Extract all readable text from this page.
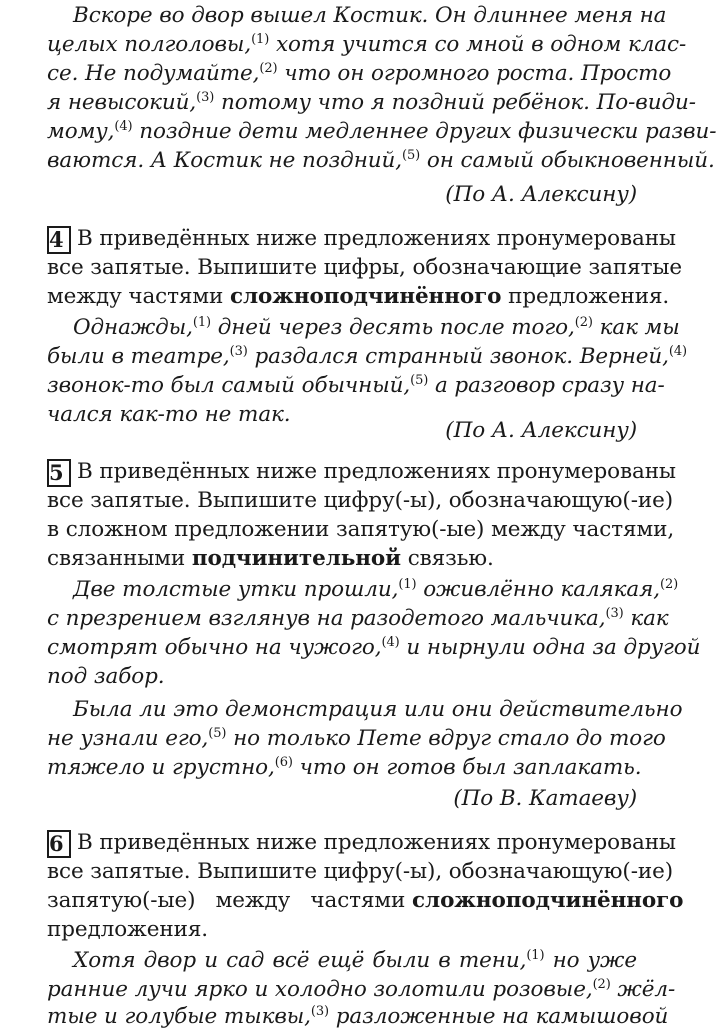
Вскоре во двор вышел Костик. Он длиннее меня на
целых полголовы,$^{(1)}$ хотя учится со мной в одном клас-
се. Не подумайте,$^{(2)}$ что он огромного роста. Просто
я невысокий,$^{(3)}$ потому что я поздний ребёнок. По-види-
мому,$^{(4)}$ поздние дети медленнее других физически разви-
ваются. А Костик не поздний,$^{(5)}$ он самый обыкновенный.
(По А. Алексину)
4 В приведённых ниже предложениях пронумерованы
все запятые. Выпишите цифры, обозначающие запятые
между частями сложноподчинённого предложения.
Однажды,$^{(1)}$ дней через десять после того,$^{(2)}$ как мы
были в театре,$^{(3)}$ раздался странный звонок. Верней,$^{(4)}$
звонок-то был самый обычный,$^{(5)}$ а разговор сразу на-
чался как-то не так.
(По А. Алексину)
5 В приведённых ниже предложениях пронумерованы
все запятые. Выпишите цифру(-ы), обозначающую(-ие)
в сложном предложении запятую(-ые) между частями,
связанными подчинительной связью.
Две толстые утки прошли,$^{(1)}$ оживлённо калякая,$^{(2)}$
с презрением взглянув на разодетого мальчика,$^{(3)}$ как
смотрят обычно на чужого,$^{(4)}$ и нырнули одна за другой
под забор.
Была ли это демонстрация или они действительно
не узнали его,$^{(5)}$ но только Пете вдруг стало до того
тяжело и грустно,$^{(6)}$ что он готов был заплакать.
(По В. Катаеву)
6 В приведённых ниже предложениях пронумерованы
все запятые. Выпишите цифру(-ы), обозначающую(-ие)
запятую(-ые)   между   частями сложноподчинённого
предложения.
Хотя двор и сад всё ещё были в тени,$^{(1)}$ но уже
ранние лучи ярко и холодно золотили розовые,$^{(2)}$ жёл-
тые и голубые тыквы,$^{(3)}$ разложенные на камышовой
